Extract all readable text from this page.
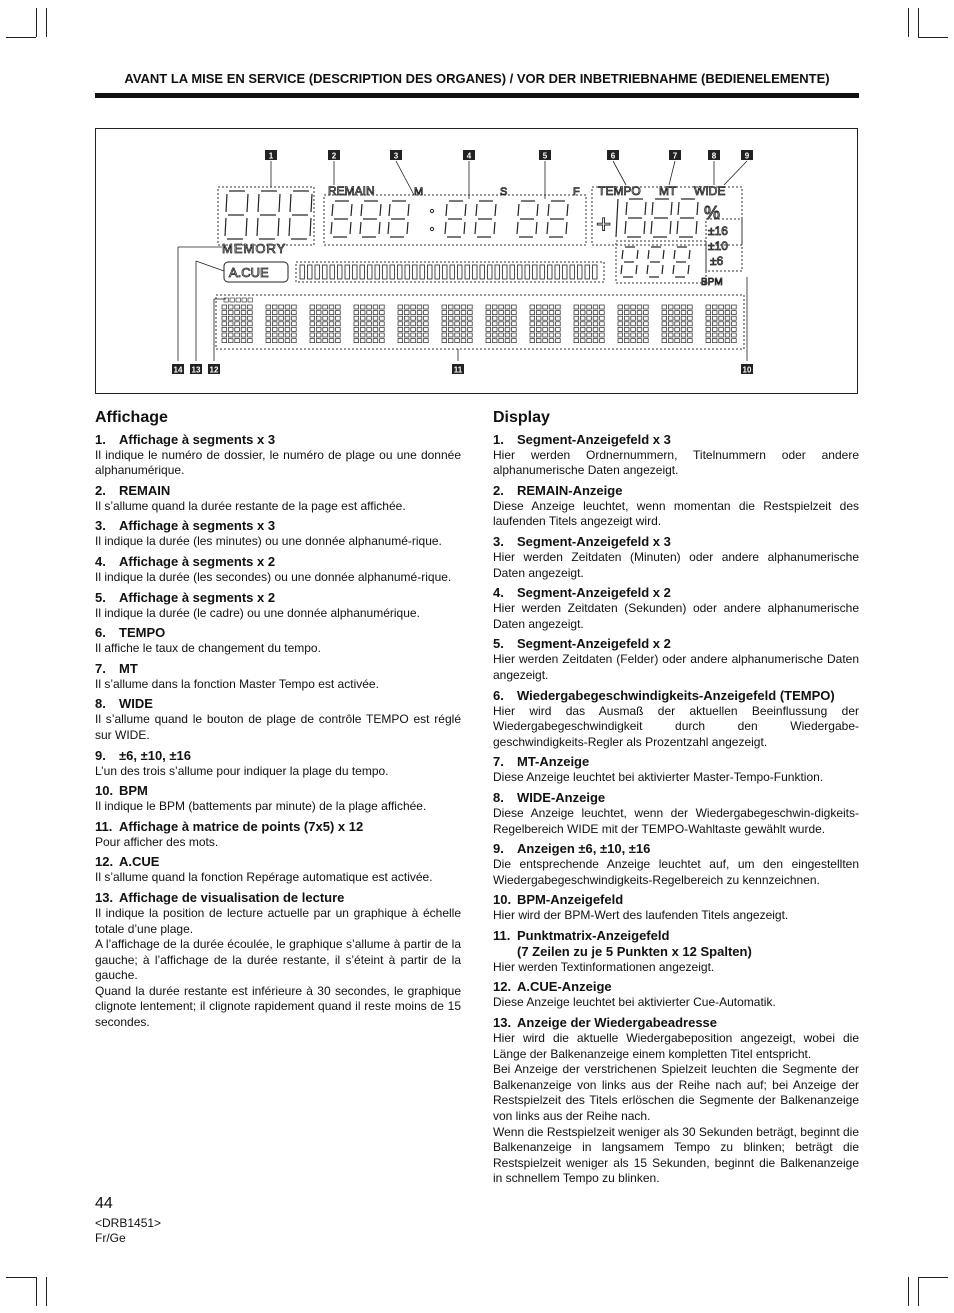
AVANT LA MISE EN SERVICE (DESCRIPTION DES ORGANES) / VOR DER INBETRIEBNAHME (BEDIENELEMENTE)
REMAIN	M	S	F TEMPO MT WIDE
MEMORY
A.CUE
%
±16
±10
±6
BPM
+
1	2	3	4	5	6	7	8	9
10
11
12
13
14
Affichage
1. Affichage à segments x 3

Il indique le numéro de dossier, le numéro de plage ou une donnée alphanumérique.

2. REMAIN

Il s’allume quand la durée restante de la page est affichée.

3. Affichage à segments x 3

Il indique la durée (les minutes) ou une donnée alphanumé-rique.

4. Affichage à segments x 2

Il indique la durée (les secondes) ou une donnée alphanumé-rique.

5. Affichage à segments x 2

Il indique la durée (le cadre) ou une donnée alphanumérique.

6. TEMPO

Il affiche le taux de changement du tempo.

7. MT

Il s’allume dans la fonction Master Tempo est activée.

8. WIDE

Il s’allume quand le bouton de plage de contrôle TEMPO est réglé sur WIDE.

9. ±6, ±10, ±16

L’un des trois s’allume pour indiquer la plage du tempo.

10. BPM

Il indique le BPM (battements par minute) de la plage affichée.

11. Affichage à matrice de points (7x5) x 12

Pour afficher des mots.

12. A.CUE

Il s’allume quand la fonction Repérage automatique est activée.

13. Affichage de visualisation de lecture

Il indique la position de lecture actuelle par un graphique à échelle totale d’une plage.

A l’affichage de la durée écoulée, le graphique s’allume à partir de la gauche; à l’affichage de la durée restante, il s’éteint à partir de la gauche.

Quand la durée restante est inférieure à 30 secondes, le graphique clignote lentement; il clignote rapidement quand il reste moins de 15 secondes.

Display
1. Segment-Anzeigefeld x 3

Hier werden Ordnernummern, Titelnummern oder andere alphanumerische Daten angezeigt.

2. REMAIN-Anzeige

Diese Anzeige leuchtet, wenn momentan die Restspielzeit des laufenden Titels angezeigt wird.

3. Segment-Anzeigefeld x 3

Hier werden Zeitdaten (Minuten) oder andere alphanumerische Daten angezeigt.

4. Segment-Anzeigefeld x 2

Hier werden Zeitdaten (Sekunden) oder andere alphanumerische Daten angezeigt.

5. Segment-Anzeigefeld x 2

Hier werden Zeitdaten (Felder) oder andere alphanumerische Daten angezeigt.

6. Wiedergabegeschwindigkeits-Anzeigefeld (TEMPO)

Hier wird das Ausmaß der aktuellen Beeinflussung der Wiedergabegeschwindigkeit durch den Wiedergabe-geschwindigkeits-Regler als Prozentzahl angezeigt.

7. MT-Anzeige

Diese Anzeige leuchtet bei aktivierter Master-Tempo-Funktion.

8. WIDE-Anzeige

Diese Anzeige leuchtet, wenn der Wiedergabegeschwin-digkeits-Regelbereich WIDE mit der TEMPO-Wahltaste gewählt wurde.

9. Anzeigen ±6, ±10, ±16

Die entsprechende Anzeige leuchtet auf, um den eingestellten Wiedergabegeschwindigkeits-Regelbereich zu kennzeichnen.

10. BPM-Anzeigefeld

Hier wird der BPM-Wert des laufenden Titels angezeigt.

11. Punktmatrix-Anzeigefeld
(7 Zeilen zu je 5 Punkten x 12 Spalten)

Hier werden Textinformationen angezeigt.

12. A.CUE-Anzeige

Diese Anzeige leuchtet bei aktivierter Cue-Automatik.

13. Anzeige der Wiedergabeadresse

Hier wird die aktuelle Wiedergabeposition angezeigt, wobei die Länge der Balkenanzeige einem kompletten Titel entspricht.

Bei Anzeige der verstrichenen Spielzeit leuchten die Segmente der Balkenanzeige von links aus der Reihe nach auf; bei Anzeige der Restspielzeit des Titels erlöschen die Segmente der Balkenanzeige von links aus der Reihe nach.

Wenn die Restspielzeit weniger als 30 Sekunden beträgt, beginnt die Balkenanzeige in langsamem Tempo zu blinken; beträgt die Restspielzeit weniger als 15 Sekunden, beginnt die Balkenanzeige in schnellem Tempo zu blinken.

44
<DRB1451>
Fr/Ge
